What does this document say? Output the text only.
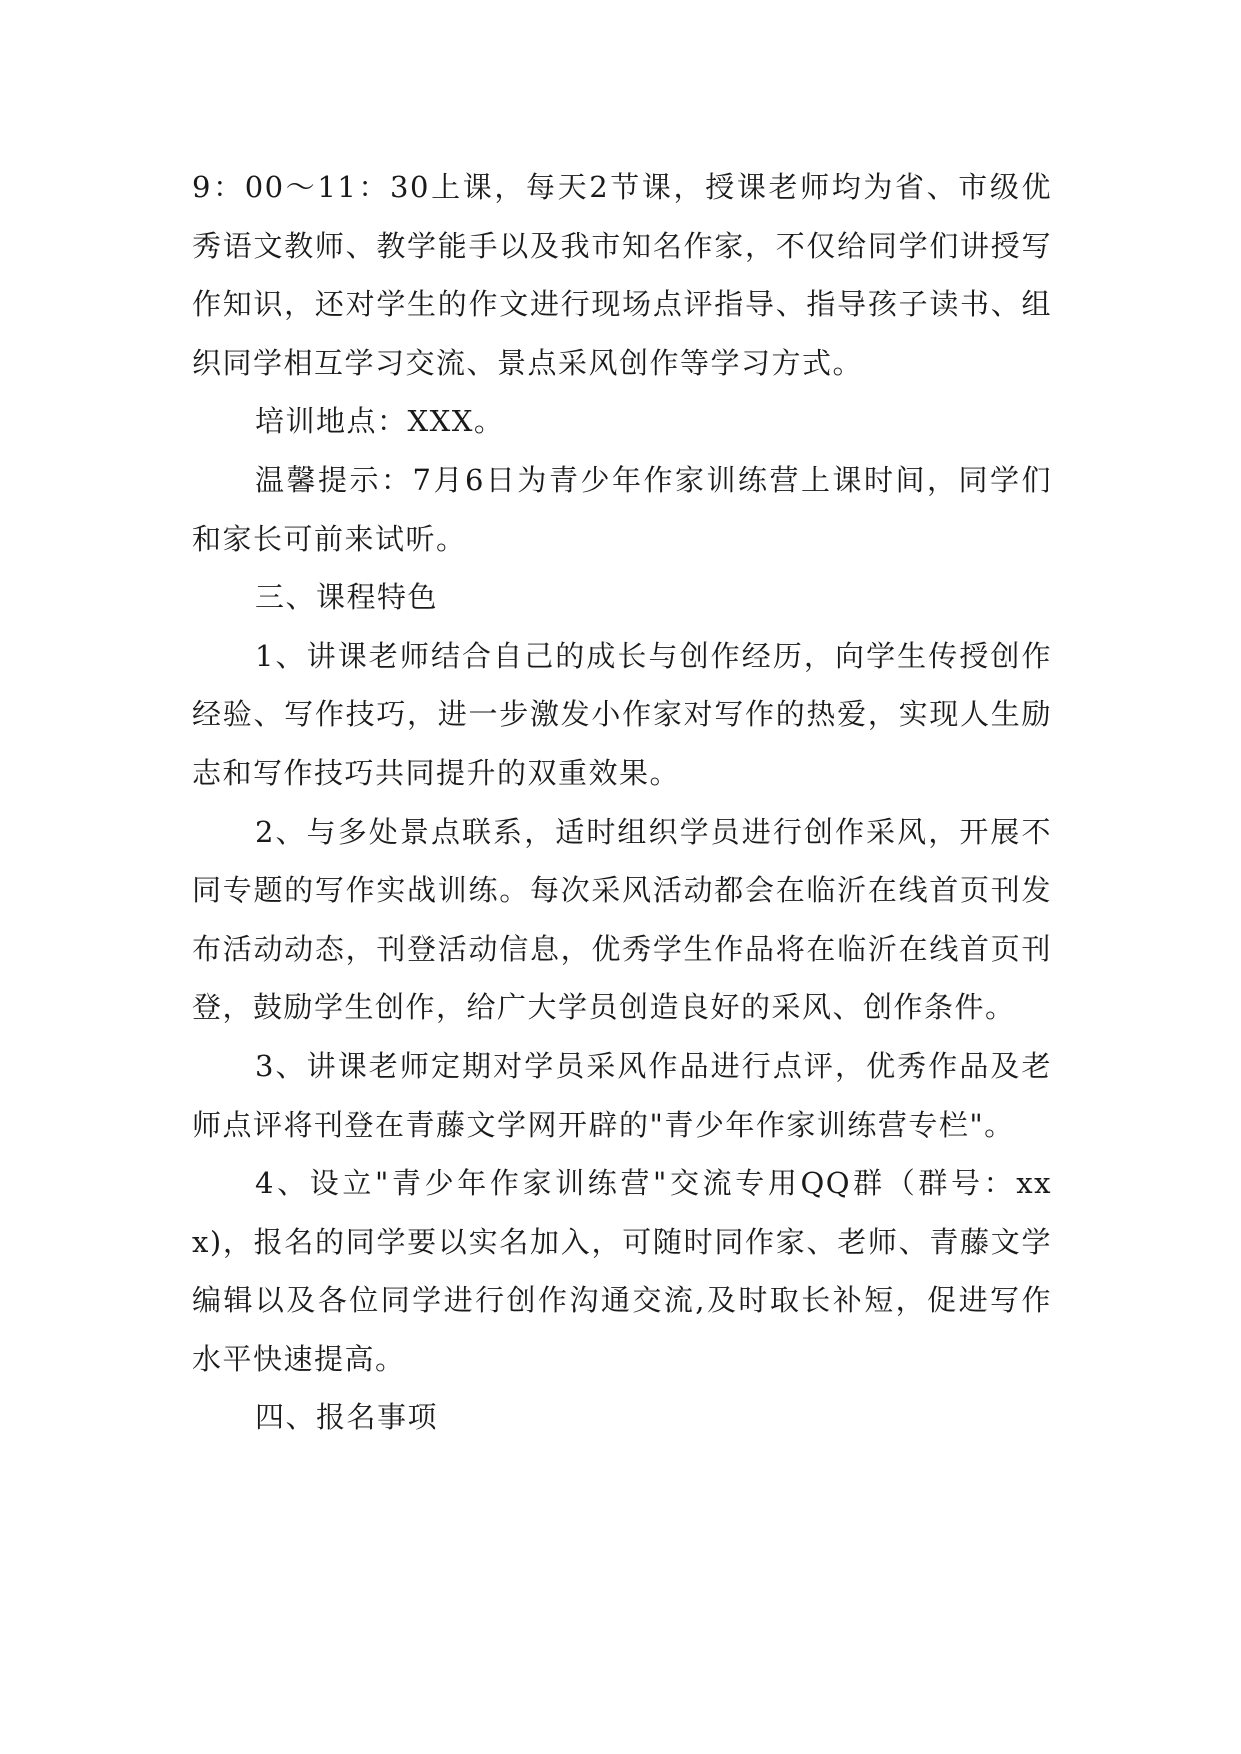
9：00～11：30上课，每天2节课，授课老师均为省、市级优秀语文教师、教学能手以及我市知名作家，不仅给同学们讲授写作知识，还对学生的作文进行现场点评指导、指导孩子读书、组织同学相互学习交流、景点采风创作等学习方式。

培训地点：XXX。

温馨提示：7月6日为青少年作家训练营上课时间，同学们和家长可前来试听。

三、课程特色

1、讲课老师结合自己的成长与创作经历，向学生传授创作经验、写作技巧，进一步激发小作家对写作的热爱，实现人生励志和写作技巧共同提升的双重效果。

2、与多处景点联系，适时组织学员进行创作采风，开展不同专题的写作实战训练。每次采风活动都会在临沂在线首页刊发布活动动态，刊登活动信息，优秀学生作品将在临沂在线首页刊登，鼓励学生创作，给广大学员创造良好的采风、创作条件。

3、讲课老师定期对学员采风作品进行点评，优秀作品及老师点评将刊登在青藤文学网开辟的"青少年作家训练营专栏"。

4、设立"青少年作家训练营"交流专用QQ群（群号：xxx)，报名的同学要以实名加入，可随时同作家、老师、青藤文学编辑以及各位同学进行创作沟通交流,及时取长补短，促进写作水平快速提高。

四、报名事项
